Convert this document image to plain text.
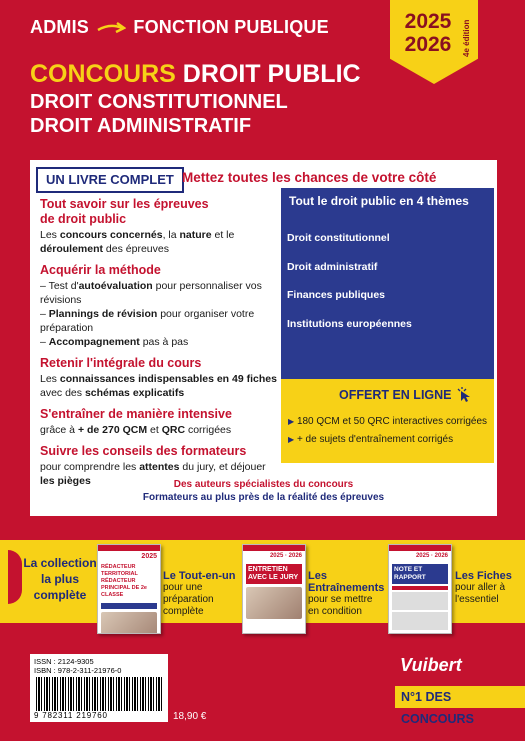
ADMIS FONCTION PUBLIQUE	2025
2026	4e édition
CONCOURS DROIT PUBLIC
DROIT CONSTITUTIONNEL
DROIT ADMINISTRATIF
UN LIVRE COMPLET Mettez toutes les chances de votre côté
Tout savoir sur les épreuves
de droit public

Les concours concernés, la nature et le déroulement des épreuves

Acquérir la méthode

– Test d'autoévaluation pour personnaliser vos révisions
– Plannings de révision pour organiser votre préparation
– Accompagnement pas à pas

Retenir l'intégrale du cours

Les connaissances indispensables en 49 fiches avec des schémas explicatifs

S'entraîner de manière intensive

grâce à + de 270 QCM et QRC corrigées

Suivre les conseils des formateurs

pour comprendre les attentes du jury, et déjouer les pièges

Tout le droit public en 4 thèmes
Droit constitutionnel
Droit administratif
Finances publiques
Institutions européennes
OFFERT EN LIGNE
▶ 180 QCM et 50 QRC interactives corrigées
▶ + de sujets d'entraînement corrigés
Des auteurs spécialistes du concours
Formateurs au plus près de la réalité des épreuves
La collection la plus complète
2025
RÉDACTEUR TERRITORIAL RÉDACTEUR PRINCIPAL DE 2e CLASSE
Le Tout-en-un
pour une préparation complète
2025 · 2026
ENTRETIEN AVEC LE JURY Les Entraînements
pour se mettre en condition
2025 · 2026
NOTE ET RAPPORT	Les Fiches
pour aller à l'essentiel
ISSN : 2124-9305
ISBN : 978-2-311-21976-0
9 782311 219760	18,90 €
Vuibert
N°1 DES CONCOURS
